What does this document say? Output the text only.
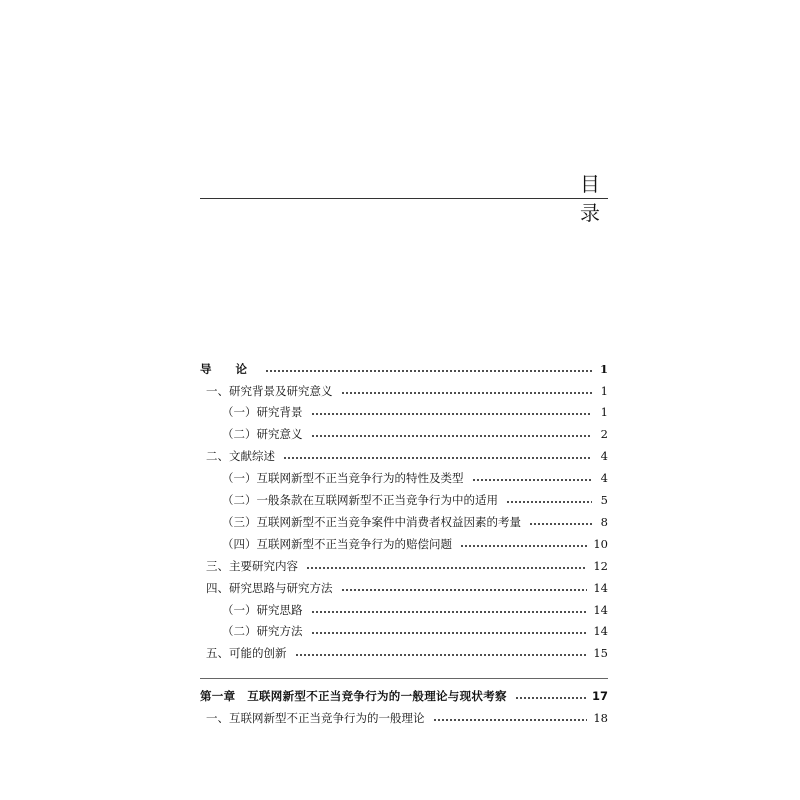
目 录
导 论	1
一、研究背景及研究意义	1
（一）研究背景	1
（二）研究意义	2
二、文献综述	4
（一）互联网新型不正当竞争行为的特性及类型	4
（二）一般条款在互联网新型不正当竞争行为中的适用	5
（三）互联网新型不正当竞争案件中消费者权益因素的考量	8
（四）互联网新型不正当竞争行为的赔偿问题	10
三、主要研究内容	12
四、研究思路与研究方法	14
（一）研究思路	14
（二）研究方法	14
五、可能的创新	15
第一章　互联网新型不正当竞争行为的一般理论与现状考察	17
一、互联网新型不正当竞争行为的一般理论	18
